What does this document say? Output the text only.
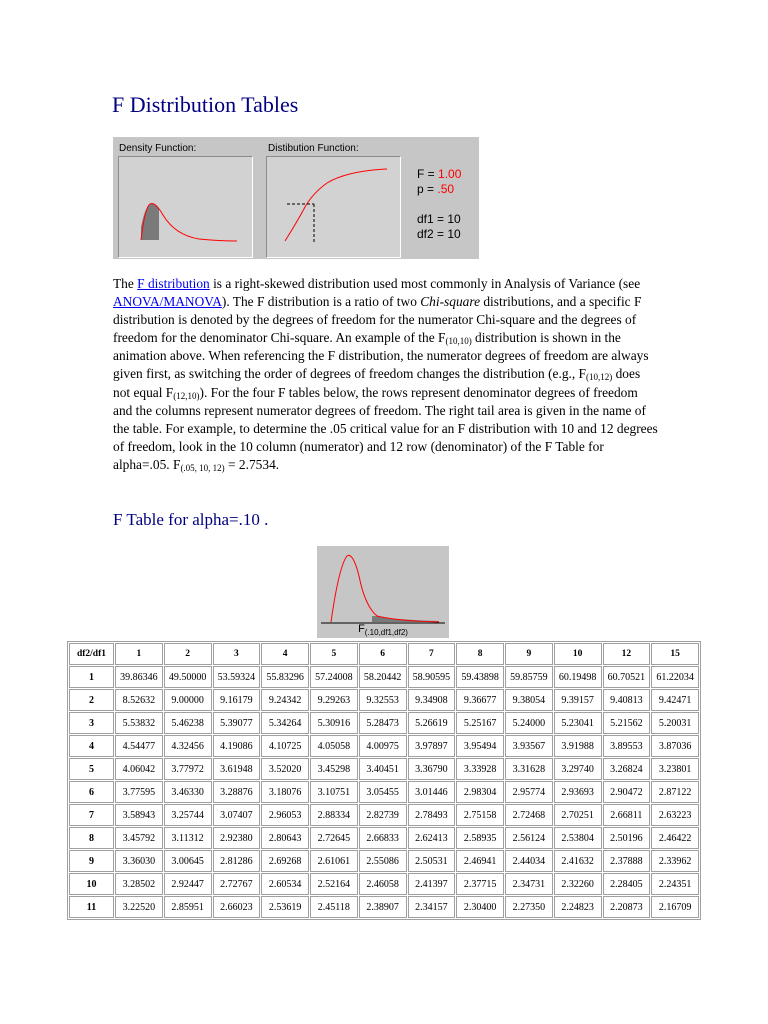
F Distribution Tables
Density Function:	Distibution Function:
F = 1.00
p = .50
df1 = 10
df2 = 10

The F distribution is a right-skewed distribution used most commonly in Analysis of Variance (see ANOVA/MANOVA). The F distribution is a ratio of two Chi-square distributions, and a specific F distribution is denoted by the degrees of freedom for the numerator Chi-square and the degrees of freedom for the denominator Chi-square. An example of the $F_{(10,10)}$ distribution is shown in the animation above. When referencing the F distribution, the numerator degrees of freedom are always given first, as switching the order of degrees of freedom changes the distribution (e.g., $F_{(10,12)}$ does not equal $F_{(12,10)}$). For the four F tables below, the rows represent denominator degrees of freedom and the columns represent numerator degrees of freedom. The right tail area is given in the name of the table. For example, to determine the .05 critical value for an F distribution with 10 and 12 degrees of freedom, look in the 10 column (numerator) and 12 row (denominator) of the F Table for alpha=.05. $F_{(.05, 10, 12)} = 2.7534$.

F Table for alpha=.10 .
$F_{(.10,df1,df2)}$
df2/df1	1	2	3	4	5	6	7	8	9	10	12	15
1	39.86346	49.50000	53.59324	55.83296	57.24008	58.20442	58.90595	59.43898	59.85759	60.19498	60.70521	61.22034
2	8.52632	9.00000	9.16179	9.24342	9.29263	9.32553	9.34908	9.36677	9.38054	9.39157	9.40813	9.42471
3	5.53832	5.46238	5.39077	5.34264	5.30916	5.28473	5.26619	5.25167	5.24000	5.23041	5.21562	5.20031
4	4.54477	4.32456	4.19086	4.10725	4.05058	4.00975	3.97897	3.95494	3.93567	3.91988	3.89553	3.87036
5	4.06042	3.77972	3.61948	3.52020	3.45298	3.40451	3.36790	3.33928	3.31628	3.29740	3.26824	3.23801
6	3.77595	3.46330	3.28876	3.18076	3.10751	3.05455	3.01446	2.98304	2.95774	2.93693	2.90472	2.87122
7	3.58943	3.25744	3.07407	2.96053	2.88334	2.82739	2.78493	2.75158	2.72468	2.70251	2.66811	2.63223
8	3.45792	3.11312	2.92380	2.80643	2.72645	2.66833	2.62413	2.58935	2.56124	2.53804	2.50196	2.46422
9	3.36030	3.00645	2.81286	2.69268	2.61061	2.55086	2.50531	2.46941	2.44034	2.41632	2.37888	2.33962
10	3.28502	2.92447	2.72767	2.60534	2.52164	2.46058	2.41397	2.37715	2.34731	2.32260	2.28405	2.24351
11	3.22520	2.85951	2.66023	2.53619	2.45118	2.38907	2.34157	2.30400	2.27350	2.24823	2.20873	2.16709
